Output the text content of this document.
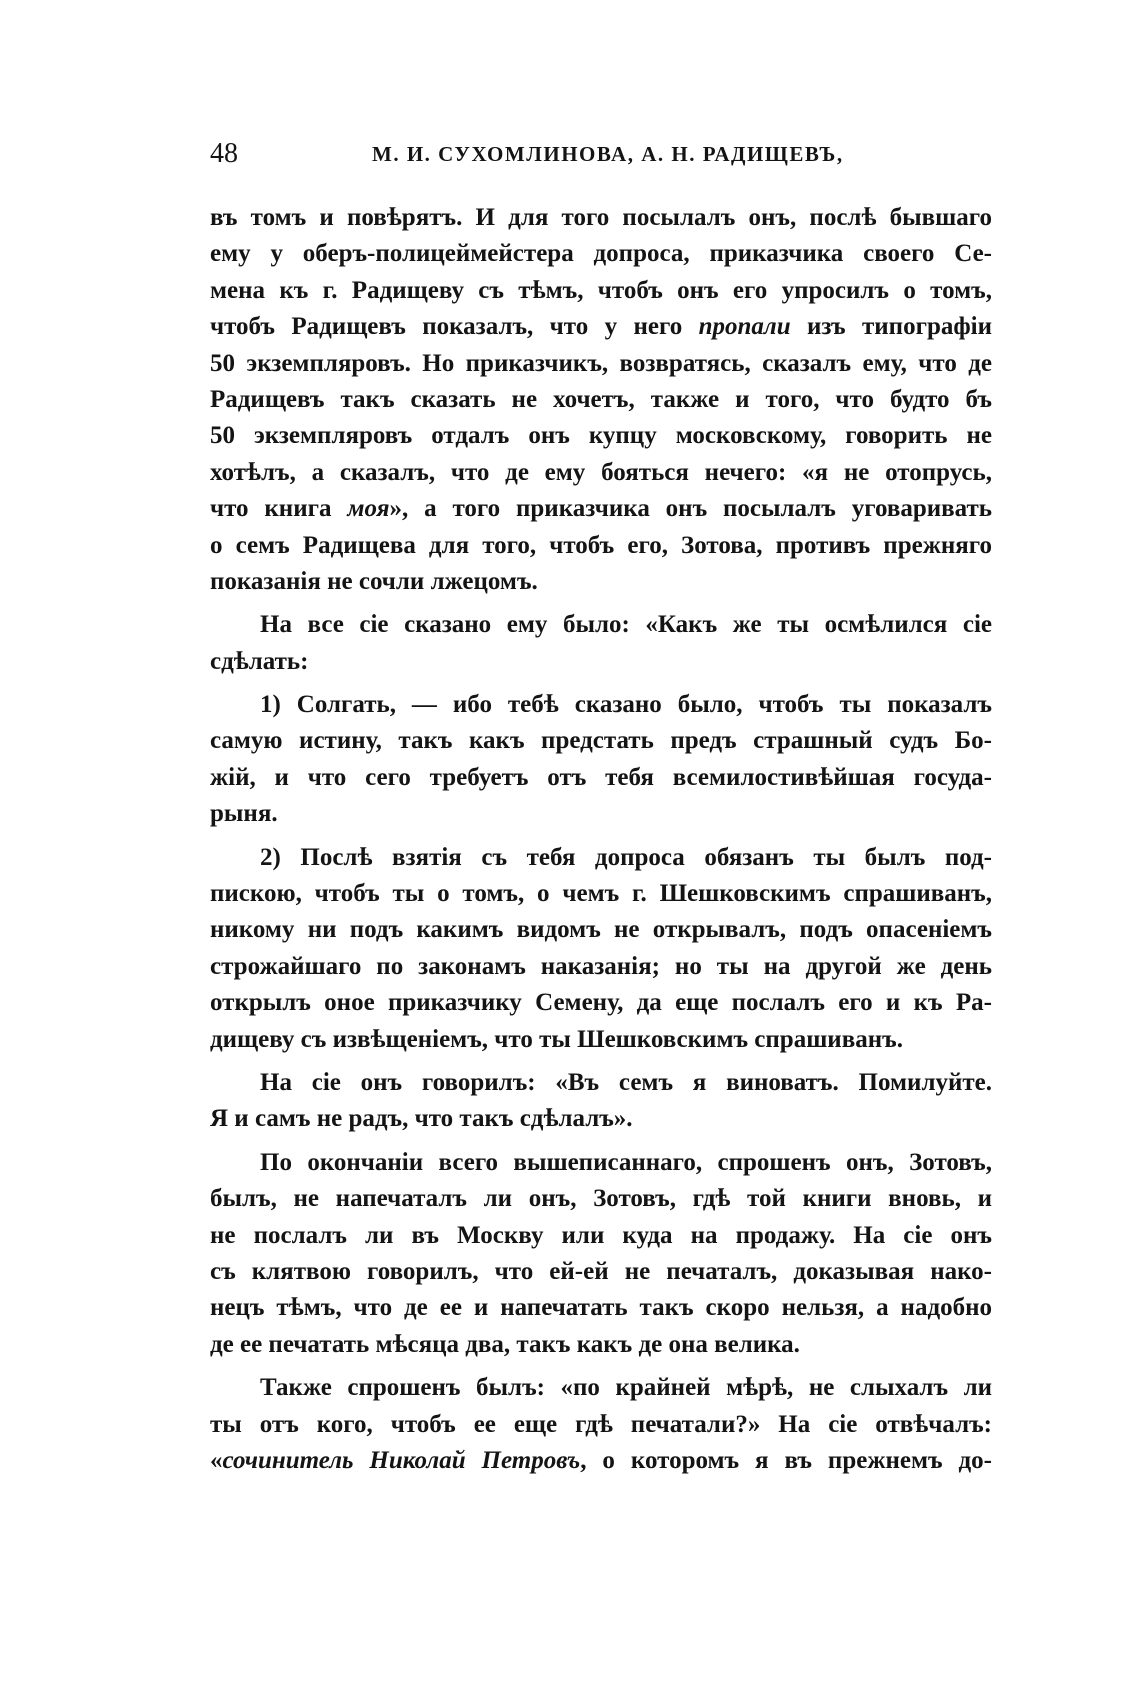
48	М. И. СУХОМЛИНОВА, А. Н. РАДИЩЕВЪ,
въ томъ и повѣрятъ. И для того посылалъ онъ, послѣ бывшаго
ему у оберъ-полицеймейстера допроса, приказчика своего Се-
мена къ г. Радищеву съ тѣмъ, чтобъ онъ его упросилъ о томъ,
чтобъ Радищевъ показалъ, что у него пропали изъ типографіи
50 экземпляровъ. Но приказчикъ, возвратясь, сказалъ ему, что де
Радищевъ такъ сказать не хочетъ, также и того, что будто бъ
50 экземпляровъ отдалъ онъ купцу московскому, говорить не
хотѣлъ, а сказалъ, что де ему бояться нечего: «я не отопрусь,
что книга моя», а того приказчика онъ посылалъ уговаривать
о семъ Радищева для того, чтобъ его, Зотова, противъ прежняго
показанія не сочли лжецомъ.
На все сіе сказано ему было: «Какъ же ты осмѣлился сіе
сдѣлать:
1) Солгать, — ибо тебѣ сказано было, чтобъ ты показалъ
самую истину, такъ какъ предстать предъ страшный судъ Бо-
жій, и что сего требуетъ отъ тебя всемилостивѣйшая госуда-
рыня.
2) Послѣ взятія съ тебя допроса обязанъ ты былъ под-
пискою, чтобъ ты о томъ, о чемъ г. Шешковскимъ спрашиванъ,
никому ни подъ какимъ видомъ не открывалъ, подъ опасеніемъ
строжайшаго по законамъ наказанія; но ты на другой же день
открылъ оное приказчику Семену, да еще послалъ его и къ Ра-
дищеву съ извѣщеніемъ, что ты Шешковскимъ спрашиванъ.
На сіе онъ говорилъ: «Въ семъ я виноватъ. Помилуйте.
Я и самъ не радъ, что такъ сдѣлалъ».
По окончаніи всего вышеписаннаго, спрошенъ онъ, Зотовъ,
былъ, не напечаталъ ли онъ, Зотовъ, гдѣ той книги вновь, и
не послалъ ли въ Москву или куда на продажу. На сіе онъ
съ клятвою говорилъ, что ей-ей не печаталъ, доказывая нако-
нецъ тѣмъ, что де ее и напечатать такъ скоро нельзя, а надобно
де ее печатать мѣсяца два, такъ какъ де она велика.
Также спрошенъ былъ: «по крайней мѣрѣ, не слыхалъ ли
ты отъ кого, чтобъ ее еще гдѣ печатали?» На сіе отвѣчалъ:
«сочинитель Николай Петровъ, о которомъ я въ прежнемъ до-
